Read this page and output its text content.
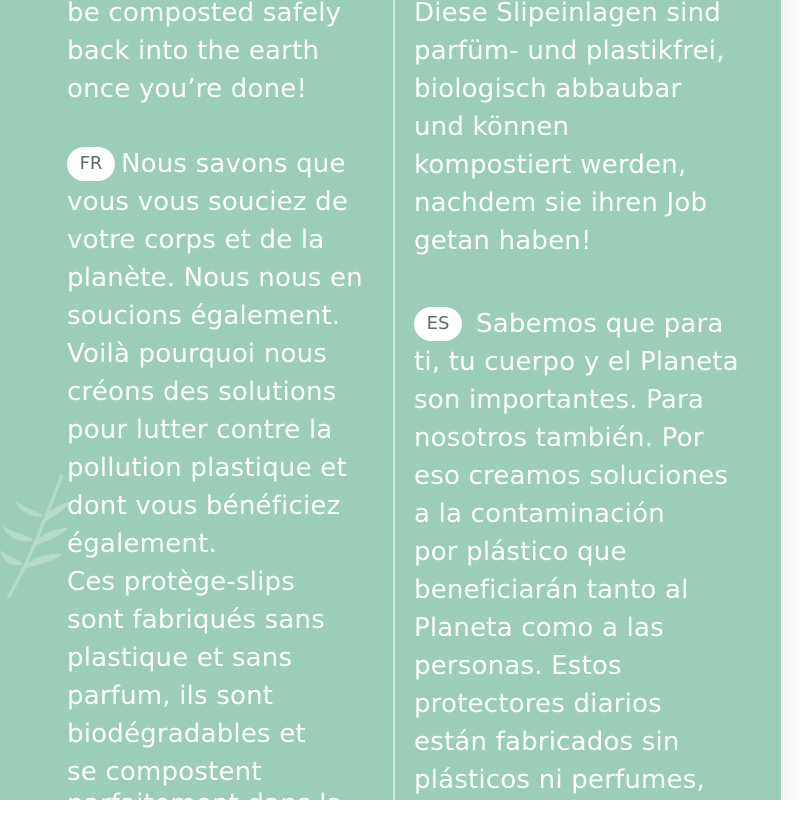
be composted safely
back into the earth
once you’re done!
FR Nous savons que
vous vous souciez de
votre corps et de la
planète. Nous nous en
soucions également.
Voilà pourquoi nous
créons des solutions
pour lutter contre la
pollution plastique et
dont vous bénéficiez
également.
Ces protège-slips
sont fabriqués sans
plastique et sans
parfum, ils sont
biodégradables et
se compostent
parfaitement dans la
Diese Slipeinlagen sind
parfüm- und plastikfrei,
biologisch abbaubar
und können
kompostiert werden,
nachdem sie ihren Job
getan haben!
ES	Sabemos que para
ti, tu cuerpo y el Planeta
son importantes. Para
nosotros también. Por
eso creamos soluciones
a la contaminación
por plástico que
beneficiarán tanto al
Planeta como a las
personas. Estos
protectores diarios
están fabricados sin
plásticos ni perfumes,
